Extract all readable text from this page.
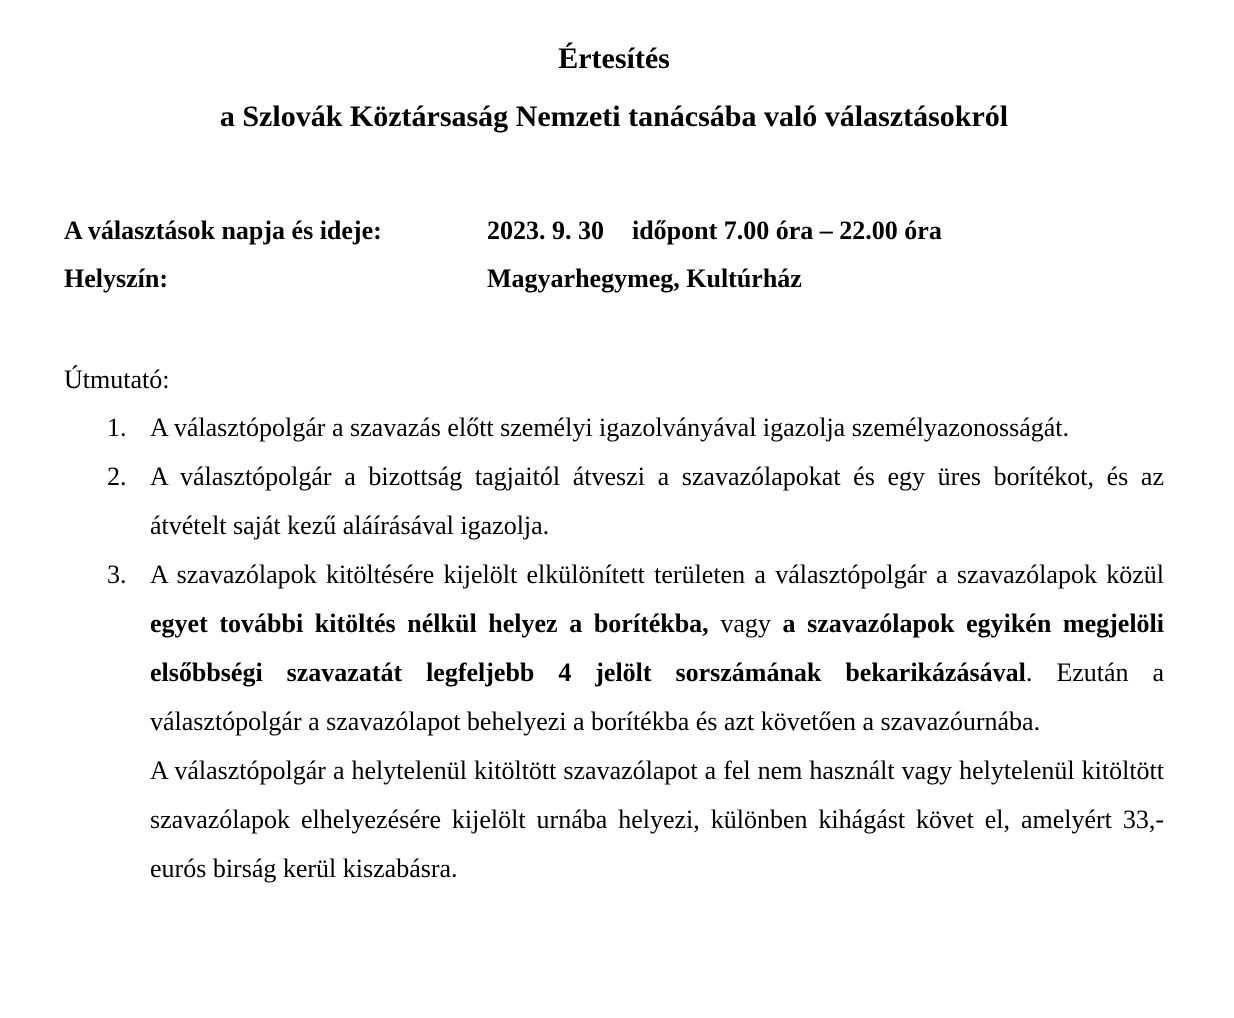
Értesítés
a Szlovák Köztársaság Nemzeti tanácsába való választásokról
A választások napja és ideje:	2023. 9. 30 időpont 7.00 óra – 22.00 óra
Helyszín:	Magyarhegymeg, Kultúrház
Útmutató:
1. A választópolgár a szavazás előtt személyi igazolványával igazolja személyazonosságát.
2. A választópolgár a bizottság tagjaitól átveszi a szavazólapokat és egy üres borítékot, és az átvételt saját kezű aláírásával igazolja.
3. A szavazólapok kitöltésére kijelölt elkülönített területen a választópolgár a szavazólapok közül egyet további kitöltés nélkül helyez a borítékba, vagy a szavazólapok egyikén megjelöli elsőbbségi szavazatát legfeljebb 4 jelölt sorszámának bekarikázásával. Ezután a választópolgár a szavazólapot behelyezi a borítékba és azt követően a szavazóurnába.
A választópolgár a helytelenül kitöltött szavazólapot a fel nem használt vagy helytelenül kitöltött szavazólapok elhelyezésére kijelölt urnába helyezi, különben kihágást követ el, amelyért 33,- eurós birság kerül kiszabásra.
